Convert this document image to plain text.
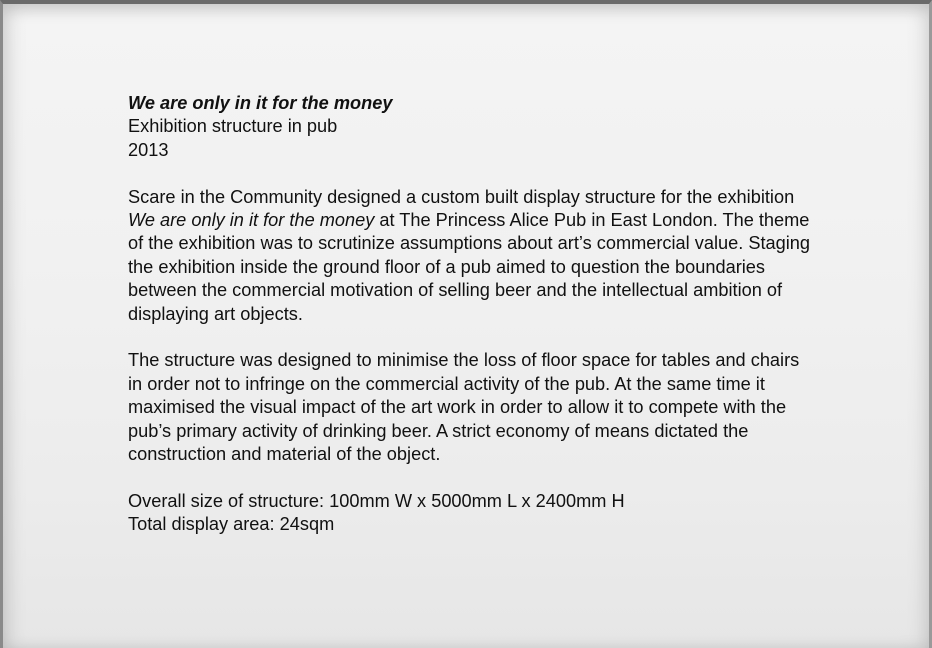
We are only in it for the money

Exhibition structure in pub

2013

Scare in the Community designed a custom built display structure for the exhibition We are only in it for the money at The Princess Alice Pub in East London. The theme of the exhibition was to scrutinize assumptions about art’s commercial value. Staging the exhibition inside the ground floor of a pub aimed to question the boundaries between the commercial motivation of selling beer and the intellectual ambition of displaying art objects.

The structure was designed to minimise the loss of floor space for tables and chairs in order not to infringe on the commercial activity of the pub. At the same time it maximised the visual impact of the art work in order to allow it to compete with the pub’s primary activity of drinking beer. A strict economy of means dictated the construction and material of the object.

Overall size of structure: 100mm W x 5000mm L x 2400mm H

Total display area: 24sqm
